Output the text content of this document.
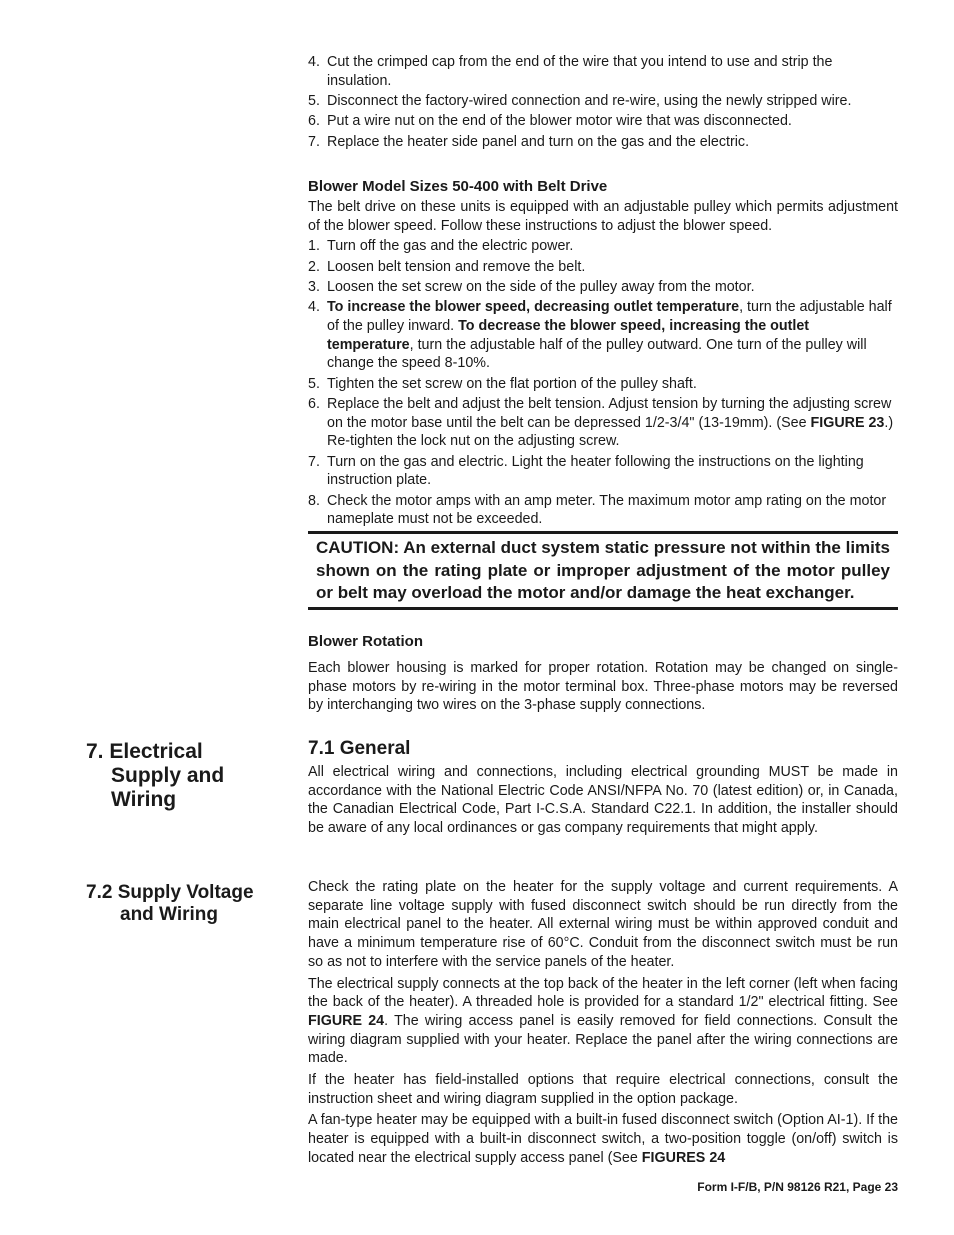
4. Cut the crimped cap from the end of the wire that you intend to use and strip the insulation.
5. Disconnect the factory-wired connection and re-wire, using the newly stripped wire.
6. Put a wire nut on the end of the blower motor wire that was disconnected.
7. Replace the heater side panel and turn on the gas and the electric.
Blower Model Sizes 50-400 with Belt Drive

The belt drive on these units is equipped with an adjustable pulley which permits adjustment of the blower speed. Follow these instructions to adjust the blower speed.

1. Turn off the gas and the electric power.
2. Loosen belt tension and remove the belt.
3. Loosen the set screw on the side of the pulley away from the motor.
4. To increase the blower speed, decreasing outlet temperature, turn the adjustable half of the pulley inward. To decrease the blower speed, increasing the outlet temperature, turn the adjustable half of the pulley outward. One turn of the pulley will change the speed 8-10%.
5. Tighten the set screw on the flat portion of the pulley shaft.
6. Replace the belt and adjust the belt tension. Adjust tension by turning the adjusting screw on the motor base until the belt can be depressed 1/2-3/4" (13-19mm). (See FIGURE 23.) Re-tighten the lock nut on the adjusting screw.
7. Turn on the gas and electric. Light the heater following the instructions on the lighting instruction plate.
8. Check the motor amps with an amp meter. The maximum motor amp rating on the motor nameplate must not be exceeded.
CAUTION: An external duct system static pressure not within the limits shown on the rating plate or improper adjustment of the motor pulley or belt may overload the motor and/or damage the heat exchanger.
Blower Rotation

Each blower housing is marked for proper rotation. Rotation may be changed on single-phase motors by re-wiring in the motor terminal box. Three-phase motors may be reversed by interchanging two wires on the 3-phase supply connections.

7. Electrical
Supply and
Wiring
7.1 General

All electrical wiring and connections, including electrical grounding MUST be made in accordance with the National Electric Code ANSI/NFPA No. 70 (latest edition) or, in Canada, the Canadian Electrical Code, Part I-C.S.A. Standard C22.1. In addition, the installer should be aware of any local ordinances or gas company requirements that might apply.

7.2 Supply Voltage
and Wiring

Check the rating plate on the heater for the supply voltage and current requirements. A separate line voltage supply with fused disconnect switch should be run directly from the main electrical panel to the heater. All external wiring must be within approved conduit and have a minimum temperature rise of 60°C. Conduit from the disconnect switch must be run so as not to interfere with the service panels of the heater.

The electrical supply connects at the top back of the heater in the left corner (left when facing the back of the heater). A threaded hole is provided for a standard 1/2" electrical fitting. See FIGURE 24. The wiring access panel is easily removed for field connections. Consult the wiring diagram supplied with your heater. Replace the panel after the wiring connections are made.

If the heater has field-installed options that require electrical connections, consult the instruction sheet and wiring diagram supplied in the option package.

A fan-type heater may be equipped with a built-in fused disconnect switch (Option AI-1). If the heater is equipped with a built-in disconnect switch, a two-position toggle (on/off) switch is located near the electrical supply access panel (See FIGURES 24

Form I-F/B, P/N 98126 R21, Page 23
